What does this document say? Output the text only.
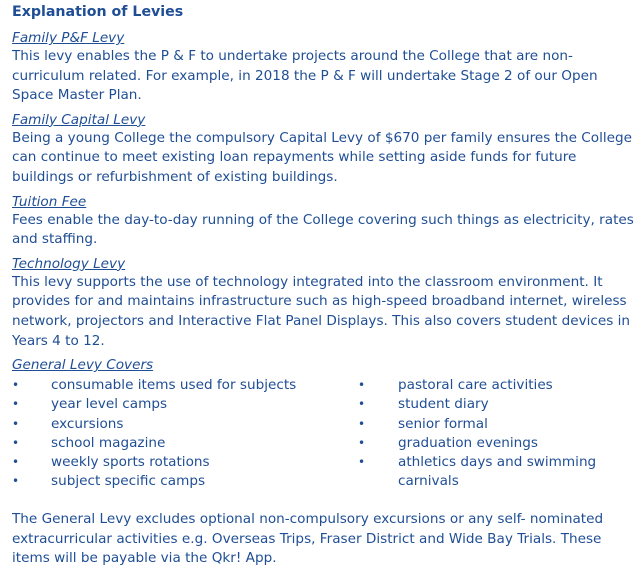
Explanation of Levies
Family P&F Levy
This levy enables the P & F to undertake projects around the College that are non-curriculum related. For example, in 2018 the P & F will undertake Stage 2 of our Open Space Master Plan.
Family Capital Levy
Being a young College the compulsory Capital Levy of $670 per family ensures the College can continue to meet existing loan repayments while setting aside funds for future buildings or refurbishment of existing buildings.
Tuition Fee
Fees enable the day-to-day running of the College covering such things as electricity, rates and staffing.
Technology Levy
This levy supports the use of technology integrated into the classroom environment. It provides for and maintains infrastructure such as high-speed broadband internet, wireless network, projectors and Interactive Flat Panel Displays. This also covers student devices in Years 4 to 12.
General Levy Covers
• consumable items used for subjects
• year level camps
• excursions
• school magazine
• weekly sports rotations
• subject specific camps
• pastoral care activities
• student diary
• senior formal
• graduation evenings
• athletics days and swimming carnivals
The General Levy excludes optional non-compulsory excursions or any self- nominated extracurricular activities e.g. Overseas Trips, Fraser District and Wide Bay Trials. These items will be payable via the Qkr! App.
